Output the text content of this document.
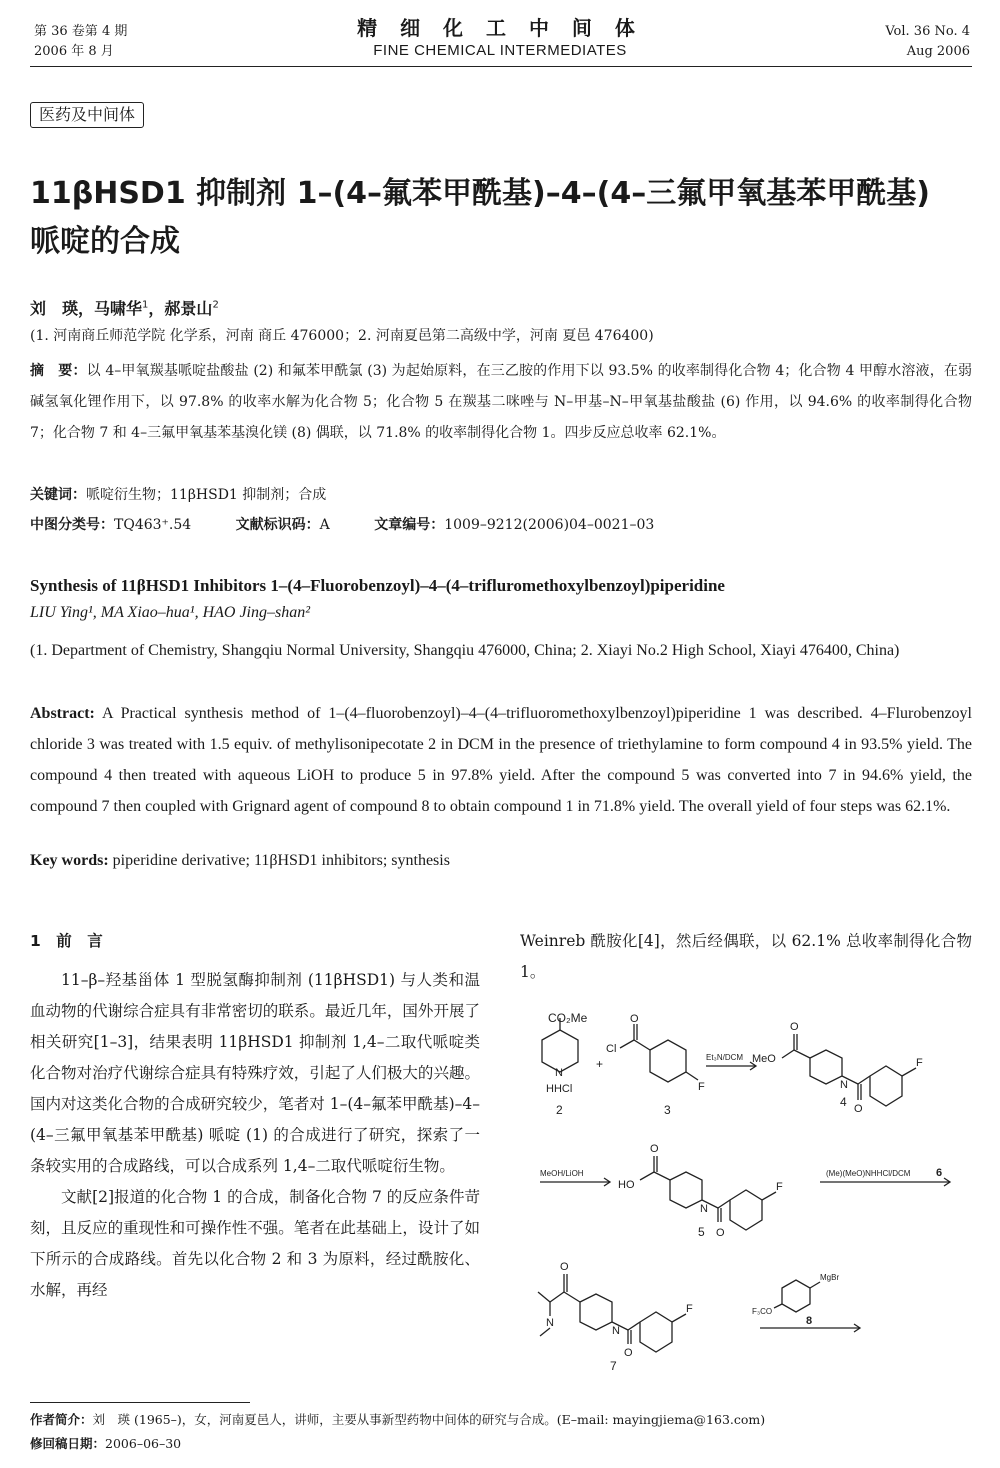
第 36 卷第 4 期
2006 年 8 月
精 细 化 工 中 间 体
FINE CHEMICAL INTERMEDIATES
Vol. 36 No. 4
Aug 2006
医药及中间体
11βHSD1 抑制剂 1–(4–氟苯甲酰基)–4–(4–三氟甲氧基苯甲酰基) 哌啶的合成
刘　瑛，马啸华$^1$，郝景山$^2$
(1. 河南商丘师范学院 化学系，河南 商丘 476000；2. 河南夏邑第二高级中学，河南 夏邑 476400)
摘　要：以 4–甲氧羰基哌啶盐酸盐 (2) 和氟苯甲酰氯 (3) 为起始原料，在三乙胺的作用下以 93.5% 的收率制得化合物 4；化合物 4 甲醇水溶液，在弱碱氢氧化锂作用下，以 97.8% 的收率水解为化合物 5；化合物 5 在羰基二咪唑与 N–甲基–N–甲氧基盐酸盐 (6) 作用，以 94.6% 的收率制得化合物 7；化合物 7 和 4–三氟甲氧基苯基溴化镁 (8) 偶联，以 71.8% 的收率制得化合物 1。四步反应总收率 62.1%。
关键词：哌啶衍生物；11βHSD1 抑制剂；合成
中图分类号：TQ463⁺.54	文献标识码：A	文章编号：1009–9212(2006)04–0021–03
Synthesis of 11βHSD1 Inhibitors 1–(4–Fluorobenzoyl)–4–(4–trifluromethoxylbenzoyl)piperidine
LIU Ying¹, MA Xiao–hua¹, HAO Jing–shan²
(1. Department of Chemistry, Shangqiu Normal University, Shangqiu 476000, China; 2. Xiayi No.2 High School, Xiayi 476400, China)
Abstract: A Practical synthesis method of 1–(4–fluorobenzoyl)–4–(4–trifluoromethoxylbenzoyl)piperidine 1 was described. 4–Flurobenzoyl chloride 3 was treated with 1.5 equiv. of methylisonipecotate 2 in DCM in the presence of triethylamine to form compound 4 in 93.5% yield. The compound 4 then treated with aqueous LiOH to produce 5 in 97.8% yield. After the compound 5 was converted into 7 in 94.6% yield, the compound 7 then coupled with Grignard agent of compound 8 to obtain compound 1 in 71.8% yield. The overall yield of four steps was 62.1%.
Key words: piperidine derivative; 11βHSD1 inhibitors; synthesis
1　前　言

11–β–羟基甾体 1 型脱氢酶抑制剂 (11βHSD1) 与人类和温血动物的代谢综合症具有非常密切的联系。最近几年，国外开展了相关研究[1–3]，结果表明 11βHSD1 抑制剂 1,4–二取代哌啶类化合物对治疗代谢综合症具有特殊疗效，引起了人们极大的兴趣。国内对这类化合物的合成研究较少，笔者对 1–(4–氟苯甲酰基)–4–(4–三氟甲氧基苯甲酰基) 哌啶 (1) 的合成进行了研究，探索了一条较实用的合成路线，可以合成系列 1,4–二取代哌啶衍生物。

文献[2]报道的化合物 1 的合成，制备化合物 7 的反应条件苛刻，且反应的重现性和可操作性不强。笔者在此基础上，设计了如下所示的合成路线。首先以化合物 2 和 3 为原料，经过酰胺化、水解，再经

Weinreb 酰胺化[4]，然后经偶联，以 62.1% 总收率制得化合物 1。
CO₂Me
N
HHCl
2
+
Cl
O
F
3
Et₃N/DCM MeO
O
N
O
F
4
MeOH/LiOH
HO
O
N
O
F
5
(Me)(MeO)NHHCl/DCM 6
O
N
N
O
F
7
MgBr
F₃CO
8
作者简介：刘　瑛 (1965–)，女，河南夏邑人，讲师，主要从事新型药物中间体的研究与合成。(E–mail: mayingjiema@163.com)
修回稿日期：2006–06–30
